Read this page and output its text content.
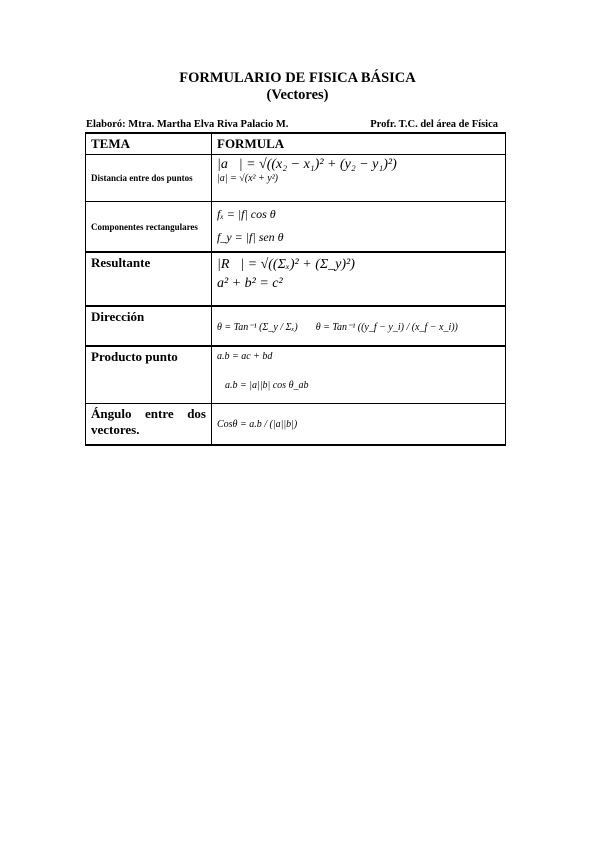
FORMULARIO DE FISICA BÁSICA
(Vectores)
Elaboró: Mtra. Martha Elva Riva Palacio M.	Profr. T.C. del área de Física
TEMA	FORMULA
Distancia entre dos puntos	|a⃗| = √((x₂ − x₁)² + (y₂ − y₁)²)
|a| = √(x² + y²)

Componentes rectangulares	fₓ = |f| cos θ
f_y = |f| sen θ

Resultante	|R⃗| = √((Σₓ)² + (Σ_y)²)
a² + b² = c²

Dirección	θ = Tan⁻¹ (Σ_y / Σₓ) θ = Tan⁻¹ ((y_f − y_i) / (x_f − x_i))
Producto punto	a.b = ac + bd
a.b = |a||b| cos θ_ab

Ángulo entre dos vectores.	Cosθ = a.b / (|a||b|)
